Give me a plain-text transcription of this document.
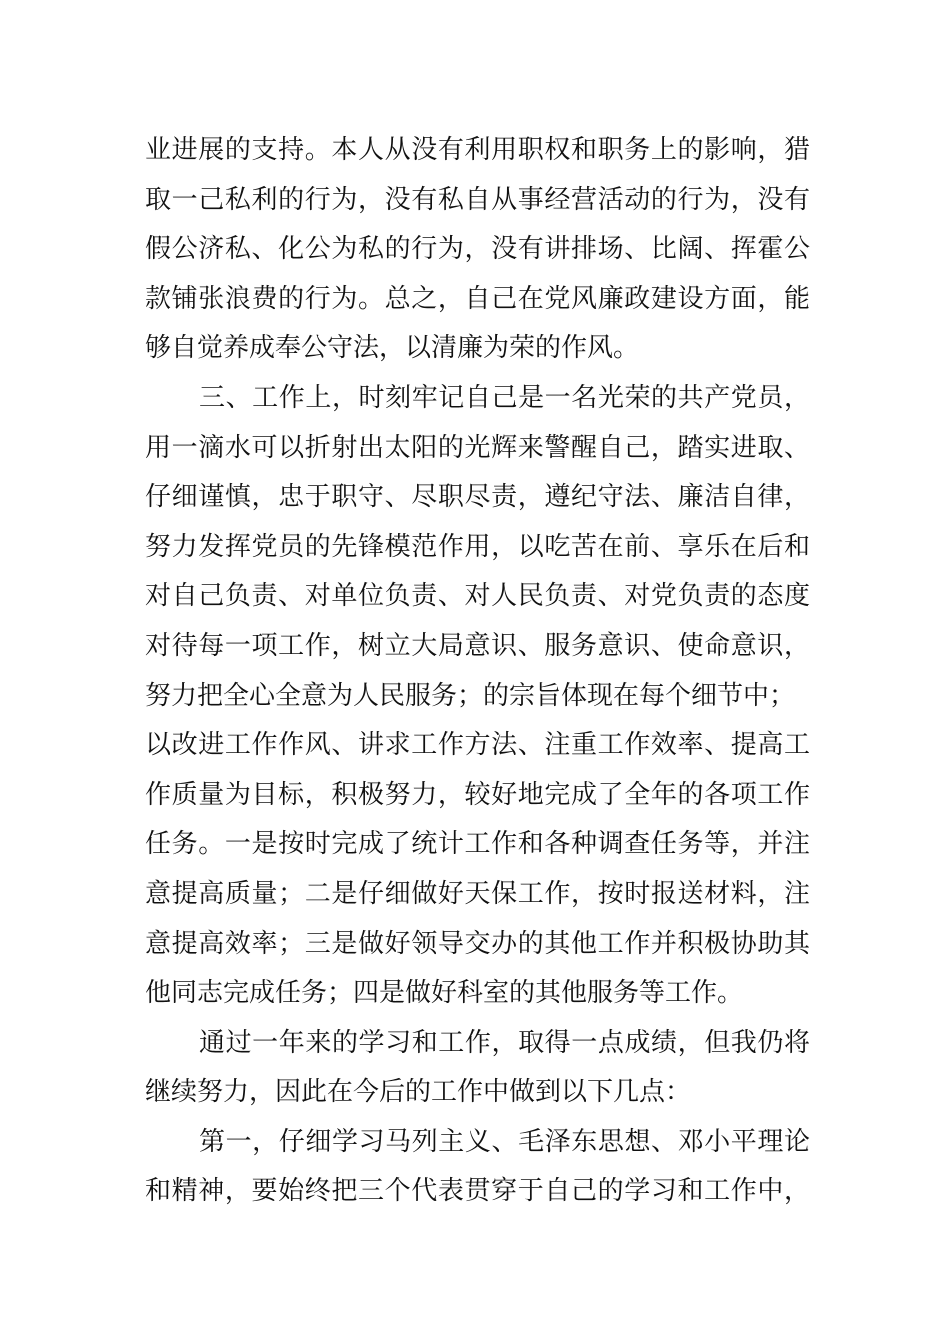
业进展的支持。本人从没有利用职权和职务上的影响，猎
取一己私利的行为，没有私自从事经营活动的行为，没有
假公济私、化公为私的行为，没有讲排场、比阔、挥霍公
款铺张浪费的行为。总之，自己在党风廉政建设方面，能
够自觉养成奉公守法，以清廉为荣的作风。
三、工作上，时刻牢记自己是一名光荣的共产党员，
用一滴水可以折射出太阳的光辉来警醒自己，踏实进取、
仔细谨慎，忠于职守、尽职尽责，遵纪守法、廉洁自律，
努力发挥党员的先锋模范作用，以吃苦在前、享乐在后和
对自己负责、对单位负责、对人民负责、对党负责的态度
对待每一项工作，树立大局意识、服务意识、使命意识，
努力把全心全意为人民服务；的宗旨体现在每个细节中；
以改进工作作风、讲求工作方法、注重工作效率、提高工
作质量为目标，积极努力，较好地完成了全年的各项工作
任务。一是按时完成了统计工作和各种调查任务等，并注
意提高质量；二是仔细做好天保工作，按时报送材料，注
意提高效率；三是做好领导交办的其他工作并积极协助其
他同志完成任务；四是做好科室的其他服务等工作。
通过一年来的学习和工作，取得一点成绩，但我仍将
继续努力，因此在今后的工作中做到以下几点：
第一，仔细学习马列主义、毛泽东思想、邓小平理论
和精神，要始终把三个代表贯穿于自己的学习和工作中，
